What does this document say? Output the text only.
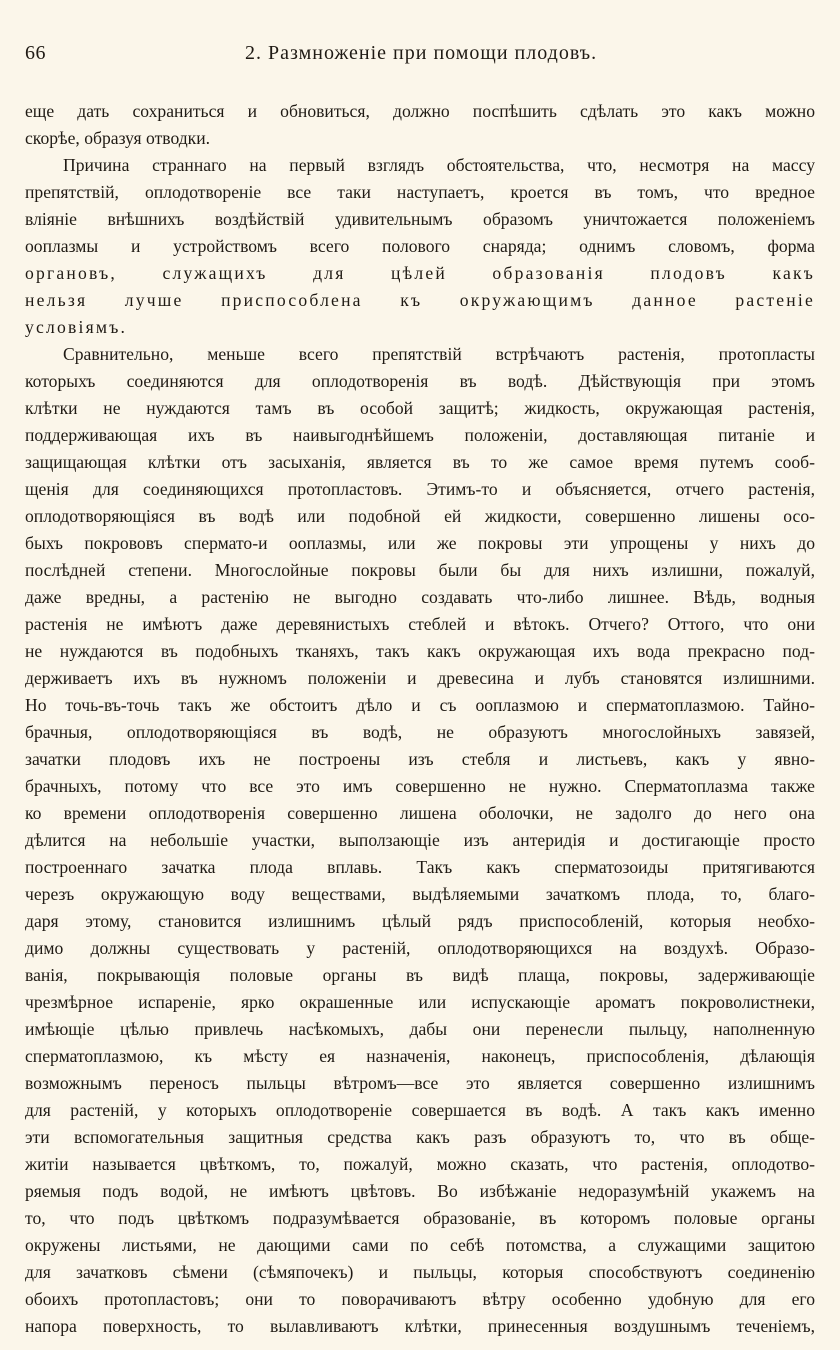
66	2. Размноженіе при помощи плодовъ.
еще дать сохраниться и обновиться, должно поспѣшить сдѣлать это какъ можно
скорѣе, образуя отводки.
Причина страннаго на первый взглядъ обстоятельства, что, несмотря на массу
препятствій, оплодотвореніе все таки наступаетъ, кроется въ томъ, что вредное
вліяніе внѣшнихъ воздѣйствій удивительнымъ образомъ уничтожается положеніемъ
ооплазмы и устройствомъ всего полового снаряда; однимъ словомъ, форма
органовъ, служащихъ для цѣлей образованія плодовъ какъ
нельзя лучше приспособлена къ окружающимъ данное растеніе
условіямъ.
Сравнительно, меньше всего препятствій встрѣчаютъ растенія, протопласты
которыхъ соединяются для оплодотворенія въ водѣ. Дѣйствующія при этомъ
клѣтки не нуждаются тамъ въ особой защитѣ; жидкость, окружающая растенія,
поддерживающая ихъ въ наивыгоднѣйшемъ положеніи, доставляющая питаніе и
защищающая клѣтки отъ засыханія, является въ то же самое время путемъ сооб-
щенія для соединяющихся протопластовъ. Этимъ-то и объясняется, отчего растенія,
оплодотворяющіяся въ водѣ или подобной ей жидкости, совершенно лишены осо-
быхъ покрововъ спермато-и ооплазмы, или же покровы эти упрощены у нихъ до
послѣдней степени. Многослойные покровы были бы для нихъ излишни, пожалуй,
даже вредны, а растенію не выгодно создавать что-либо лишнее. Вѣдь, водныя
растенія не имѣютъ даже деревянистыхъ стеблей и вѣтокъ. Отчего? Оттого, что они
не нуждаются въ подобныхъ тканяхъ, такъ какъ окружающая ихъ вода прекрасно под-
держиваетъ ихъ въ нужномъ положеніи и древесина и лубъ становятся излишними.
Но точь-въ-точь такъ же обстоитъ дѣло и съ ооплазмою и сперматоплазмою. Тайно-
брачныя, оплодотворяющіяся въ водѣ, не образуютъ многослойныхъ завязей,
зачатки плодовъ ихъ не построены изъ стебля и листьевъ, какъ у явно-
брачныхъ, потому что все это имъ совершенно не нужно. Сперматоплазма также
ко времени оплодотворенія совершенно лишена оболочки, не задолго до него она
дѣлится на небольшіе участки, выползающіе изъ антеридія и достигающіе просто
построеннаго зачатка плода вплавь. Такъ какъ сперматозоиды притягиваются
черезъ окружающую воду веществами, выдѣляемыми зачаткомъ плода, то, благо-
даря этому, становится излишнимъ цѣлый рядъ приспособленій, которыя необхо-
димо должны существовать у растеній, оплодотворяющихся на воздухѣ. Образо-
ванія, покрывающія половые органы въ видѣ плаща, покровы, задерживающіе
чрезмѣрное испареніе, ярко окрашенные или испускающіе ароматъ покроволистнеки,
имѣющіе цѣлью привлечь насѣкомыхъ, дабы они перенесли пыльцу, наполненную
сперматоплазмою, къ мѣсту ея назначенія, наконецъ, приспособленія, дѣлающія
возможнымъ переносъ пыльцы вѣтромъ—все это является совершенно излишнимъ
для растеній, у которыхъ оплодотвореніе совершается въ водѣ. А такъ какъ именно
эти вспомогательныя защитныя средства какъ разъ образуютъ то, что въ обще-
житіи называется цвѣткомъ, то, пожалуй, можно сказать, что растенія, оплодотво-
ряемыя подъ водой, не имѣютъ цвѣтовъ. Во избѣжаніе недоразумѣній укажемъ на
то, что подъ цвѣткомъ подразумѣвается образованіе, въ которомъ половые органы
окружены листьями, не дающими сами по себѣ потомства, а служащими защитою
для зачатковъ сѣмени (сѣмяпочекъ) и пыльцы, которыя способствуютъ соединенію
обоихъ протопластовъ; они то поворачиваютъ вѣтру особенно удобную для его
напора поверхность, то вылавливаютъ клѣтки, принесенныя воздушнымъ теченіемъ,
